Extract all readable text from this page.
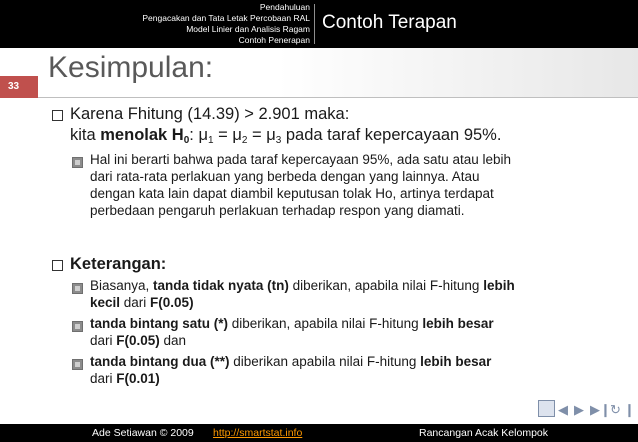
Pendahuluan
Pengacakan dan Tata Letak Percobaan RAL
Model Linier dan Analisis Ragam
Contoh Penerapan
Contoh Terapan
Kesimpulan:
33
Karena Fhitung (14.39) > 2.901 maka:
kita menolak $H_0$: $\mu_1 = \mu_2 = \mu_3$ pada taraf kepercayaan 95%.
Hal ini berarti bahwa pada taraf kepercayaan 95%, ada satu atau lebih
dari rata-rata perlakuan yang berbeda dengan yang lainnya. Atau
dengan kata lain dapat diambil keputusan tolak Ho, artinya terdapat
perbedaan pengaruh perlakuan terhadap respon yang diamati.
Keterangan:
Biasanya, tanda tidak nyata (tn) diberikan, apabila nilai F-hitung lebih
kecil dari F(0.05)
tanda bintang satu (*) diberikan, apabila nilai F-hitung lebih besar
dari F(0.05) dan
tanda bintang dua (**) diberikan apabila nilai F-hitung lebih besar
dari F(0.01)
◀ ▶ ▶❙ ↻ ❙
Ade Setiawan © 2009 http://smartstat.info	Rancangan Acak Kelompok
